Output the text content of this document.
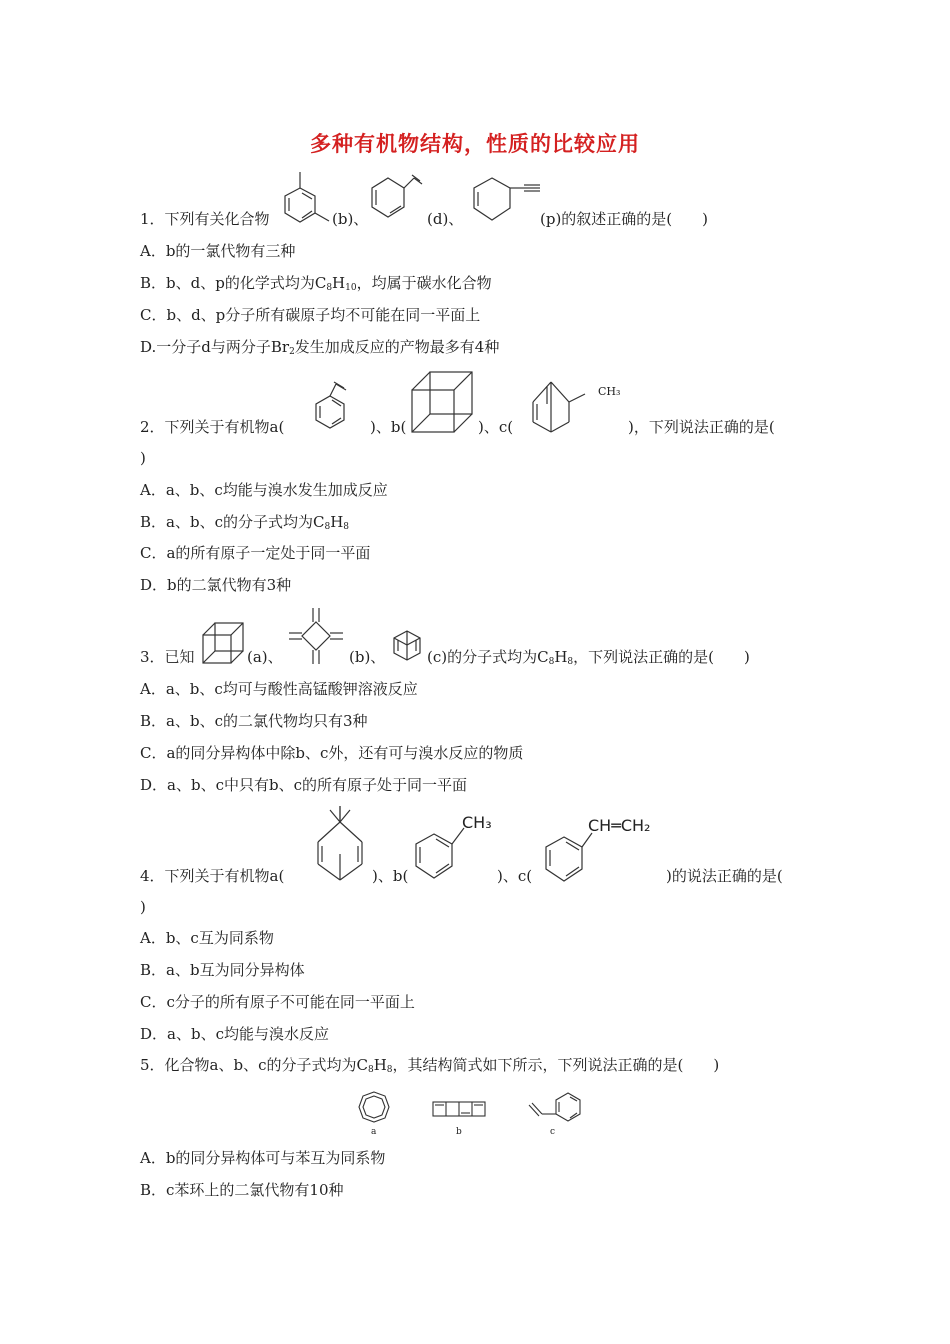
多种有机物结构，性质的比较应用
1．下列有关化合物	(b)、	(d)、	(p)的叙述正确的是(　　)
A．b的一氯代物有三种
B．b、d、p的化学式均为$C_8H_{10}$，均属于碳水化合物
C．b、d、p分子所有碳原子均不可能在同一平面上
D.一分子d与两分子$Br_2$发生加成反应的产物最多有4种
2．下列关于有机物a(	)、b(	)、c(
CH₃
)，下列说法正确的是(
)
A．a、b、c均能与溴水发生加成反应
B．a、b、c的分子式均为$C_8H_8$
C．a的所有原子一定处于同一平面
D．b的二氯代物有3种
3．已知	(a)、	(b)、	(c)的分子式均为$C_8H_8$，下列说法正确的是(　　)
A．a、b、c均可与酸性高锰酸钾溶液反应
B．a、b、c的二氯代物均只有3种
C．a的同分异构体中除b、c外，还有可与溴水反应的物质
D．a、b、c中只有b、c的所有原子处于同一平面
4．下列关于有机物a(	)、b(
CH₃
)、c(
CH═CH₂
)的说法正确的是(
)
A．b、c互为同系物
B．a、b互为同分异构体
C．c分子的所有原子不可能在同一平面上
D．a、b、c均能与溴水反应
5．化合物a、b、c的分子式均为$C_8H_8$，其结构简式如下所示，下列说法正确的是(　　)
a	b	c
A．b的同分异构体可与苯互为同系物
B．c苯环上的二氯代物有10种
